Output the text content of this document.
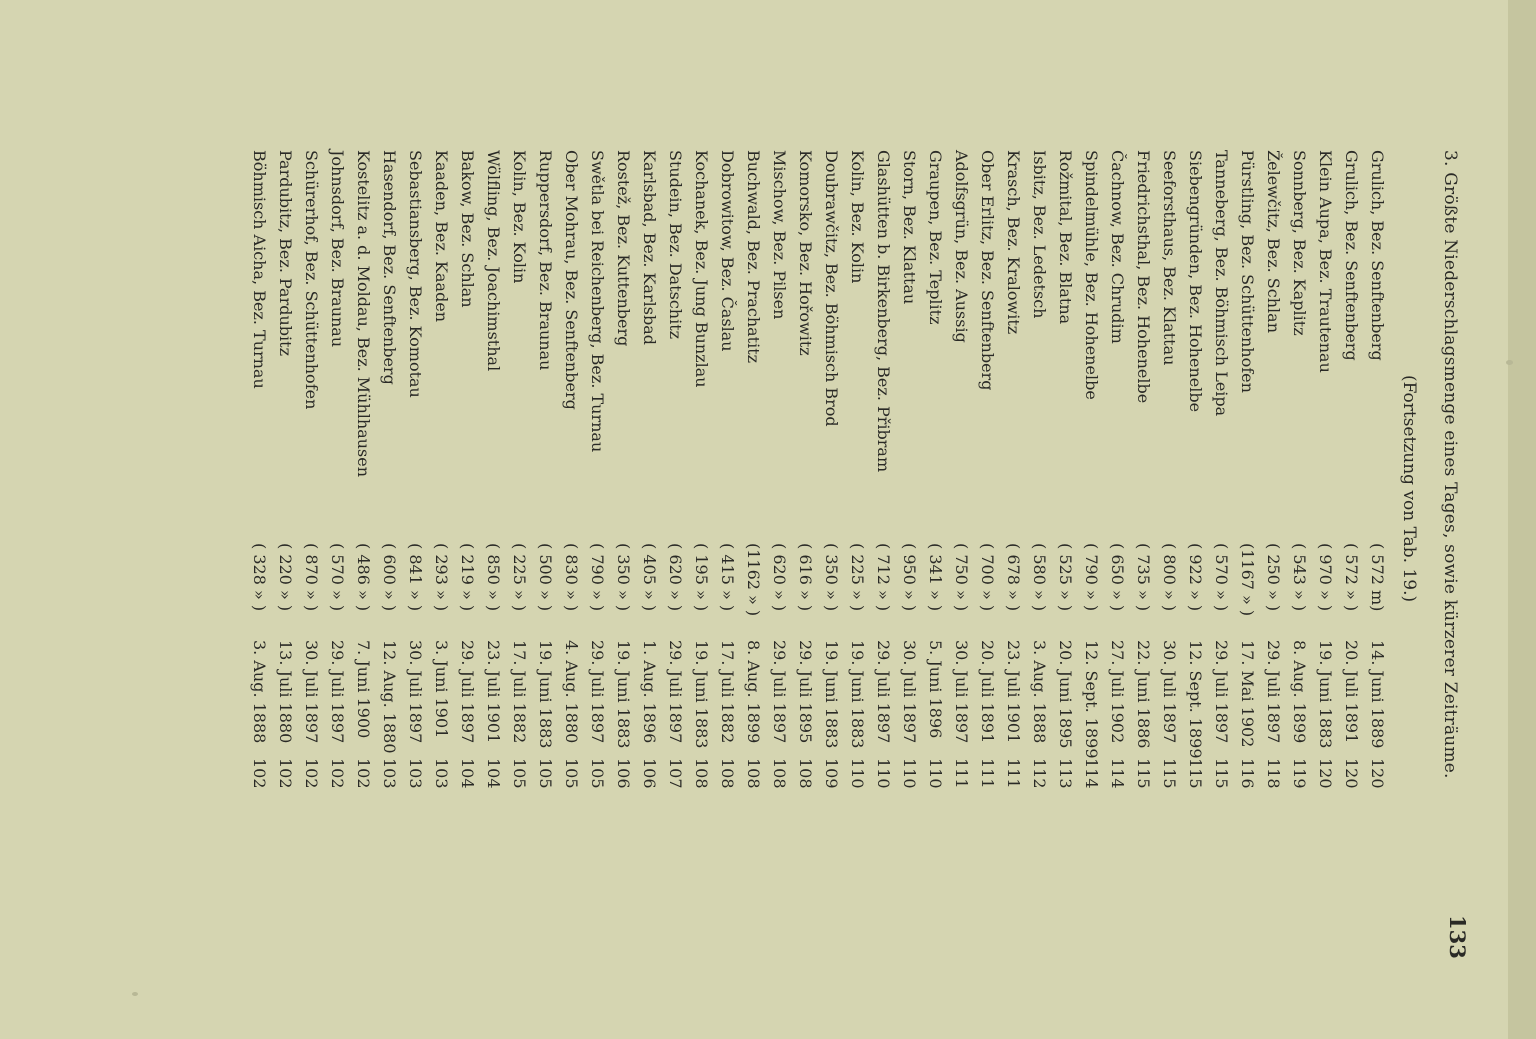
3. Größte Niederschlagsmenge eines Tages, sowie kürzerer Zeiträume.
133
(Fortsetzung von Tab. 19.)
Grulich, Bez. Senftenberg
( 572 m)
14. Juni 1889
120
Grulich, Bez. Senftenberg
( 572 » )
20. Juli 1891
120
Klein Aupa, Bez. Trautenau
( 970 » )
19. Juni 1883
120
Sonnberg, Bez. Kaplitz
( 543 » )
8. Aug. 1899
119
Želewčitz, Bez. Schlan
( 250 » )
29. Juli 1897
118
Pürstling, Bez. Schüttenhofen
(1167 » )
17. Mai 1902
116
Tanneberg, Bez. Böhmisch Leipa
( 570 » )
29. Juli 1897
115
Siebengründen, Bez. Hohenelbe
( 922 » )
12. Sept. 1899
115
Seeforsthaus, Bez. Klattau
( 800 » )
30. Juli 1897
115
Friedrichsthal, Bez. Hohenelbe
( 735 » )
22. Juni 1886
115
Čachnow, Bez. Chrudim
( 650 » )
27. Juli 1902
114
Spindelmühle, Bez. Hohenelbe
( 790 » )
12. Sept. 1899
114
Rožmital, Bez. Blatna
( 525 » )
20. Juni 1895
113
Isbitz, Bez. Ledetsch
( 580 » )
3. Aug. 1888
112
Krasch, Bez. Kralowitz
( 678 » )
23. Juli 1901
111
Ober Erlitz, Bez. Senftenberg
( 700 » )
20. Juli 1891
111
Adolfsgrün, Bez. Aussig
( 750 » )
30. Juli 1897
111
Graupen, Bez. Teplitz
( 341 » )
5. Juni 1896
110
Storn, Bez. Klattau
( 950 » )
30. Juli 1897
110
Glashütten b. Birkenberg, Bez. Přibram
( 712 » )
29. Juli 1897
110
Kolin, Bez. Kolin
( 225 » )
19. Juni 1883
110
Doubrawčitz, Bez. Böhmisch Brod
( 350 » )
19. Juni 1883
109
Komorsko, Bez. Hořowitz
( 616 » )
29. Juli 1895
108
Mischow, Bez. Pilsen
( 620 » )
29. Juli 1897
108
Buchwald, Bez. Prachatitz
(1162 » )
8. Aug. 1899
108
Dobrowitow, Bez. Časlau
( 415 » )
17. Juli 1882
108
Kochanek, Bez. Jung Bunzlau
( 195 » )
19. Juni 1883
108
Studein, Bez. Datschitz
( 620 » )
29. Juli 1897
107
Karlsbad, Bez. Karlsbad
( 405 » )
1. Aug. 1896
106
Rostež, Bez. Kuttenberg
( 350 » )
19. Juni 1883
106
Swětla bei Reichenberg, Bez. Turnau
( 790 » )
29. Juli 1897
105
Ober Mohrau, Bez. Senftenberg
( 830 » )
4. Aug. 1880
105
Ruppersdorf, Bez. Braunau
( 500 » )
19. Juni 1883
105
Kolin, Bez. Kolin
( 225 » )
17. Juli 1882
105
Wölfling, Bez. Joachimsthal
( 850 » )
23. Juli 1901
104
Bakow, Bez. Schlan
( 219 » )
29. Juli 1897
104
Kaaden, Bez. Kaaden
( 293 » )
3. Juni 1901
103
Sebastiansberg, Bez. Komotau
( 841 » )
30. Juli 1897
103
Hasendorf, Bez. Senftenberg
( 600 » )
12. Aug. 1880
103
Kostelitz a. d. Moldau, Bez. Mühlhausen
( 486 » )
7. Juni 1900
102
Johnsdorf, Bez. Braunau
( 570 » )
29. Juli 1897
102
Schürerhof, Bez. Schüttenhofen
( 870 » )
30. Juli 1897
102
Pardubitz, Bez. Pardubitz
( 220 » )
13. Juli 1880
102
Böhmisch Aicha, Bez. Turnau
( 328 » )
3. Aug. 1888
102
